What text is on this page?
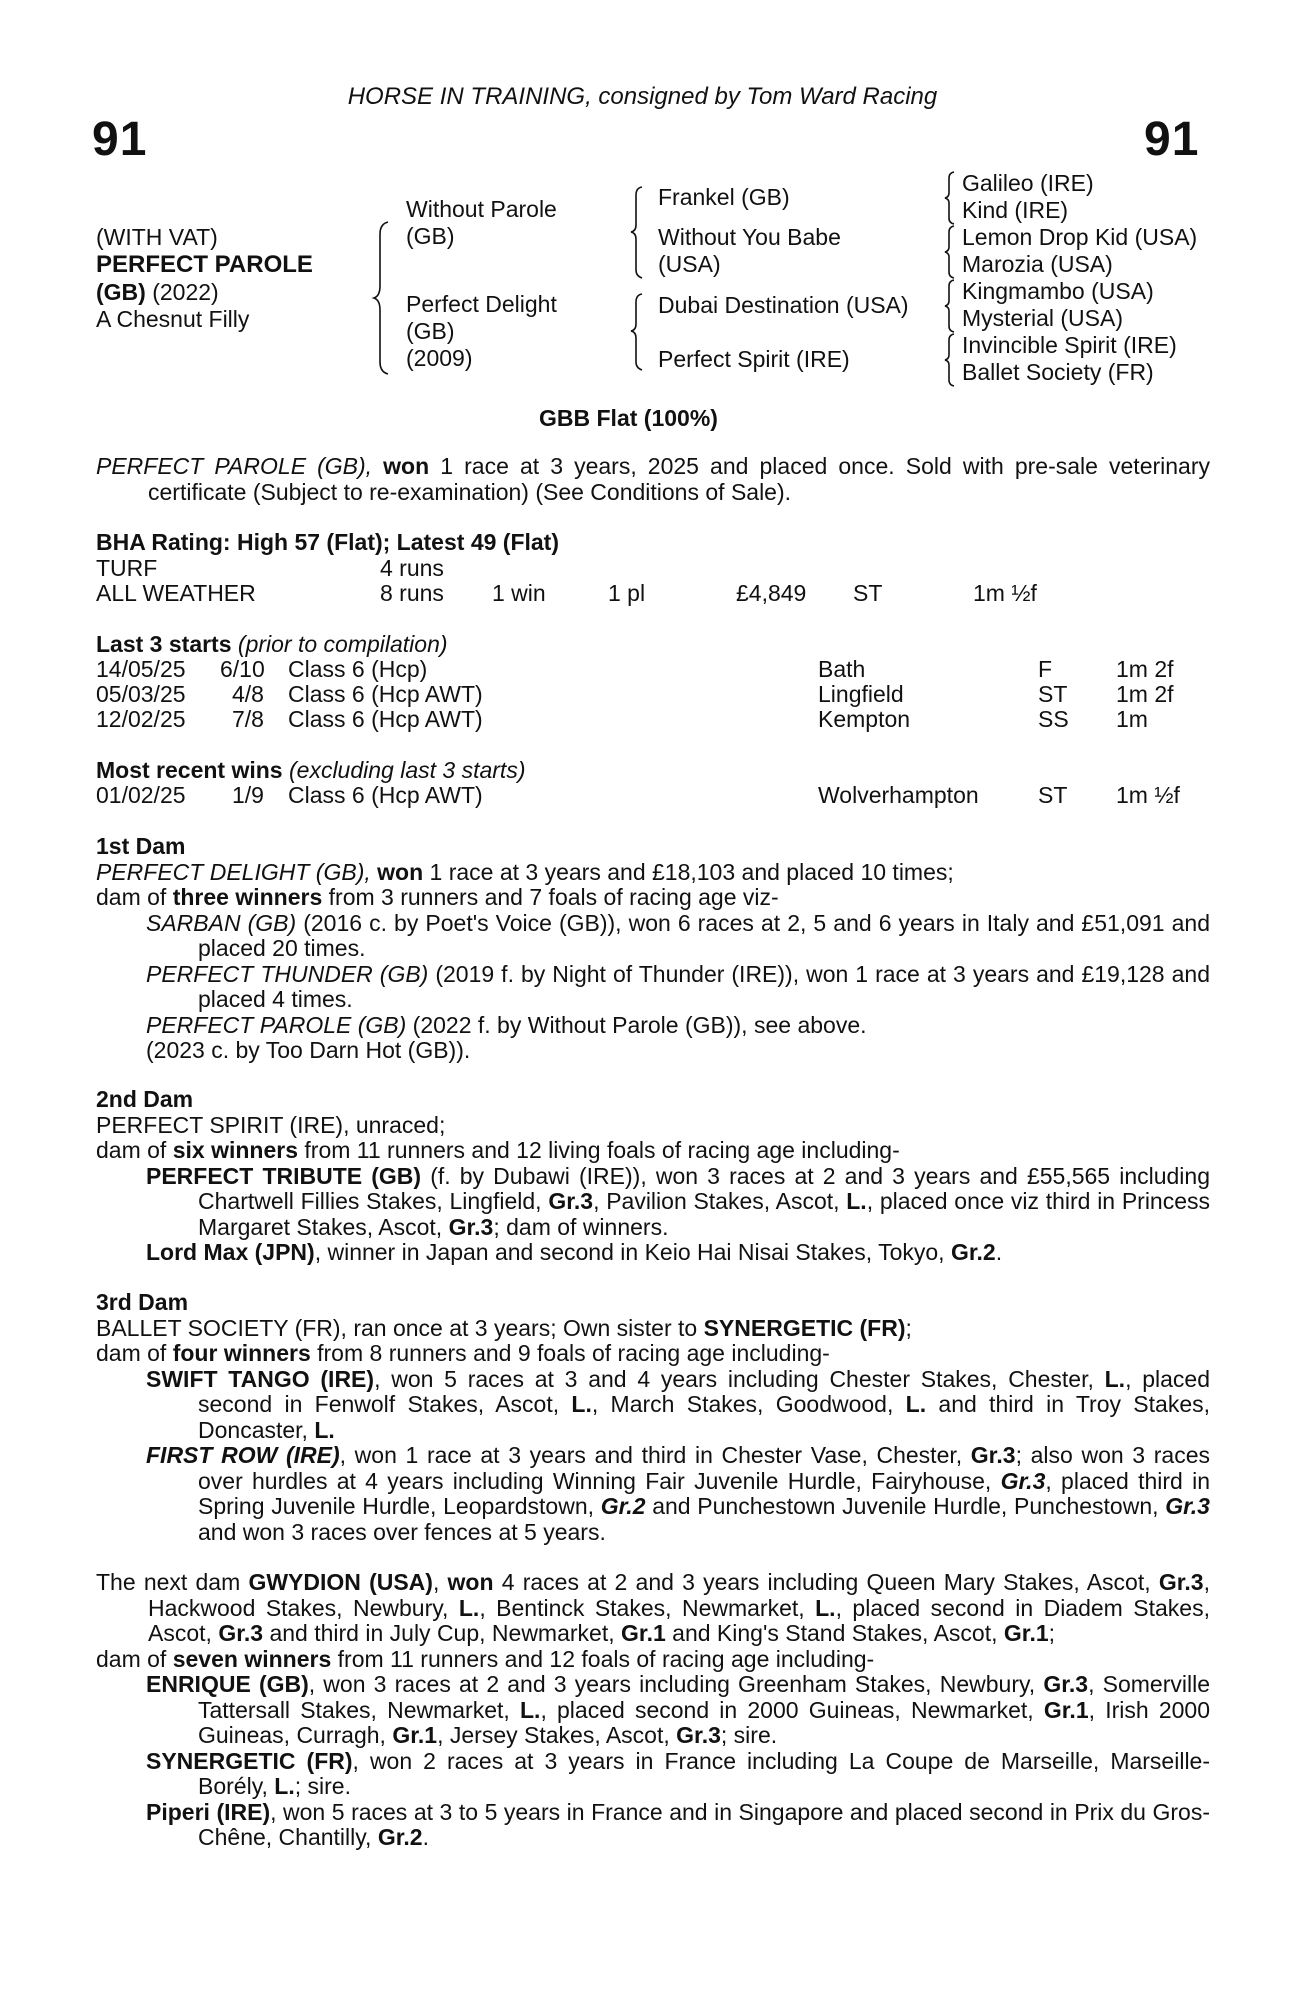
HORSE IN TRAINING, consigned by Tom Ward Racing
91	91
(WITH VAT)
PERFECT PAROLE
(GB) (2022)
A Chesnut Filly
Without Parole
(GB)
Perfect Delight
(GB)
(2009)
Frankel (GB)
Without You Babe
(USA)
Dubai Destination (USA)
Perfect Spirit (IRE)
Galileo (IRE)
Kind (IRE)
Lemon Drop Kid (USA)
Marozia (USA)
Kingmambo (USA)
Mysterial (USA)
Invincible Spirit (IRE)
Ballet Society (FR)
GBB Flat (100%)

PERFECT PAROLE (GB), won 1 race at 3 years, 2025 and placed once. Sold with pre-sale veterinary certificate (Subject to re-examination) (See Conditions of Sale).

BHA Rating: High 57 (Flat); Latest 49 (Flat)
TURF	4 runs
ALL WEATHER	8 runs 1 win	1 pl	£4,849 ST	1m ½f
Last 3 starts (prior to compilation)
14/05/25 6/10 Class 6 (Hcp)	Bath	F	1m 2f
05/03/25 4/8 Class 6 (Hcp AWT)	Lingfield	ST 1m 2f
12/02/25 7/8 Class 6 (Hcp AWT)	Kempton	SS 1m
Most recent wins (excluding last 3 starts)
01/02/25 1/9 Class 6 (Hcp AWT)	Wolverhampton	ST 1m ½f

1st Dam

PERFECT DELIGHT (GB), won 1 race at 3 years and £18,103 and placed 10 times;

dam of three winners from 3 runners and 7 foals of racing age viz-

SARBAN (GB) (2016 c. by Poet's Voice (GB)), won 6 races at 2, 5 and 6 years in Italy and £51,091 and placed 20 times.

PERFECT THUNDER (GB) (2019 f. by Night of Thunder (IRE)), won 1 race at 3 years and £19,128 and placed 4 times.

PERFECT PAROLE (GB) (2022 f. by Without Parole (GB)), see above.

(2023 c. by Too Darn Hot (GB)).

2nd Dam

PERFECT SPIRIT (IRE), unraced;

dam of six winners from 11 runners and 12 living foals of racing age including-

PERFECT TRIBUTE (GB) (f. by Dubawi (IRE)), won 3 races at 2 and 3 years and £55,565 including Chartwell Fillies Stakes, Lingfield, Gr.3, Pavilion Stakes, Ascot, L., placed once viz third in Princess Margaret Stakes, Ascot, Gr.3; dam of winners.

Lord Max (JPN), winner in Japan and second in Keio Hai Nisai Stakes, Tokyo, Gr.2.

3rd Dam

BALLET SOCIETY (FR), ran once at 3 years; Own sister to SYNERGETIC (FR);

dam of four winners from 8 runners and 9 foals of racing age including-

SWIFT TANGO (IRE), won 5 races at 3 and 4 years including Chester Stakes, Chester, L., placed second in Fenwolf Stakes, Ascot, L., March Stakes, Goodwood, L. and third in Troy Stakes, Doncaster, L.

FIRST ROW (IRE), won 1 race at 3 years and third in Chester Vase, Chester, Gr.3; also won 3 races over hurdles at 4 years including Winning Fair Juvenile Hurdle, Fairyhouse, Gr.3, placed third in Spring Juvenile Hurdle, Leopardstown, Gr.2 and Punchestown Juvenile Hurdle, Punchestown, Gr.3 and won 3 races over fences at 5 years.

The next dam GWYDION (USA), won 4 races at 2 and 3 years including Queen Mary Stakes, Ascot, Gr.3, Hackwood Stakes, Newbury, L., Bentinck Stakes, Newmarket, L., placed second in Diadem Stakes, Ascot, Gr.3 and third in July Cup, Newmarket, Gr.1 and King's Stand Stakes, Ascot, Gr.1;

dam of seven winners from 11 runners and 12 foals of racing age including-

ENRIQUE (GB), won 3 races at 2 and 3 years including Greenham Stakes, Newbury, Gr.3, Somerville Tattersall Stakes, Newmarket, L., placed second in 2000 Guineas, Newmarket, Gr.1, Irish 2000 Guineas, Curragh, Gr.1, Jersey Stakes, Ascot, Gr.3; sire.

SYNERGETIC (FR), won 2 races at 3 years in France including La Coupe de Marseille, Marseille-Borély, L.; sire.

Piperi (IRE), won 5 races at 3 to 5 years in France and in Singapore and placed second in Prix du Gros-Chêne, Chantilly, Gr.2.
